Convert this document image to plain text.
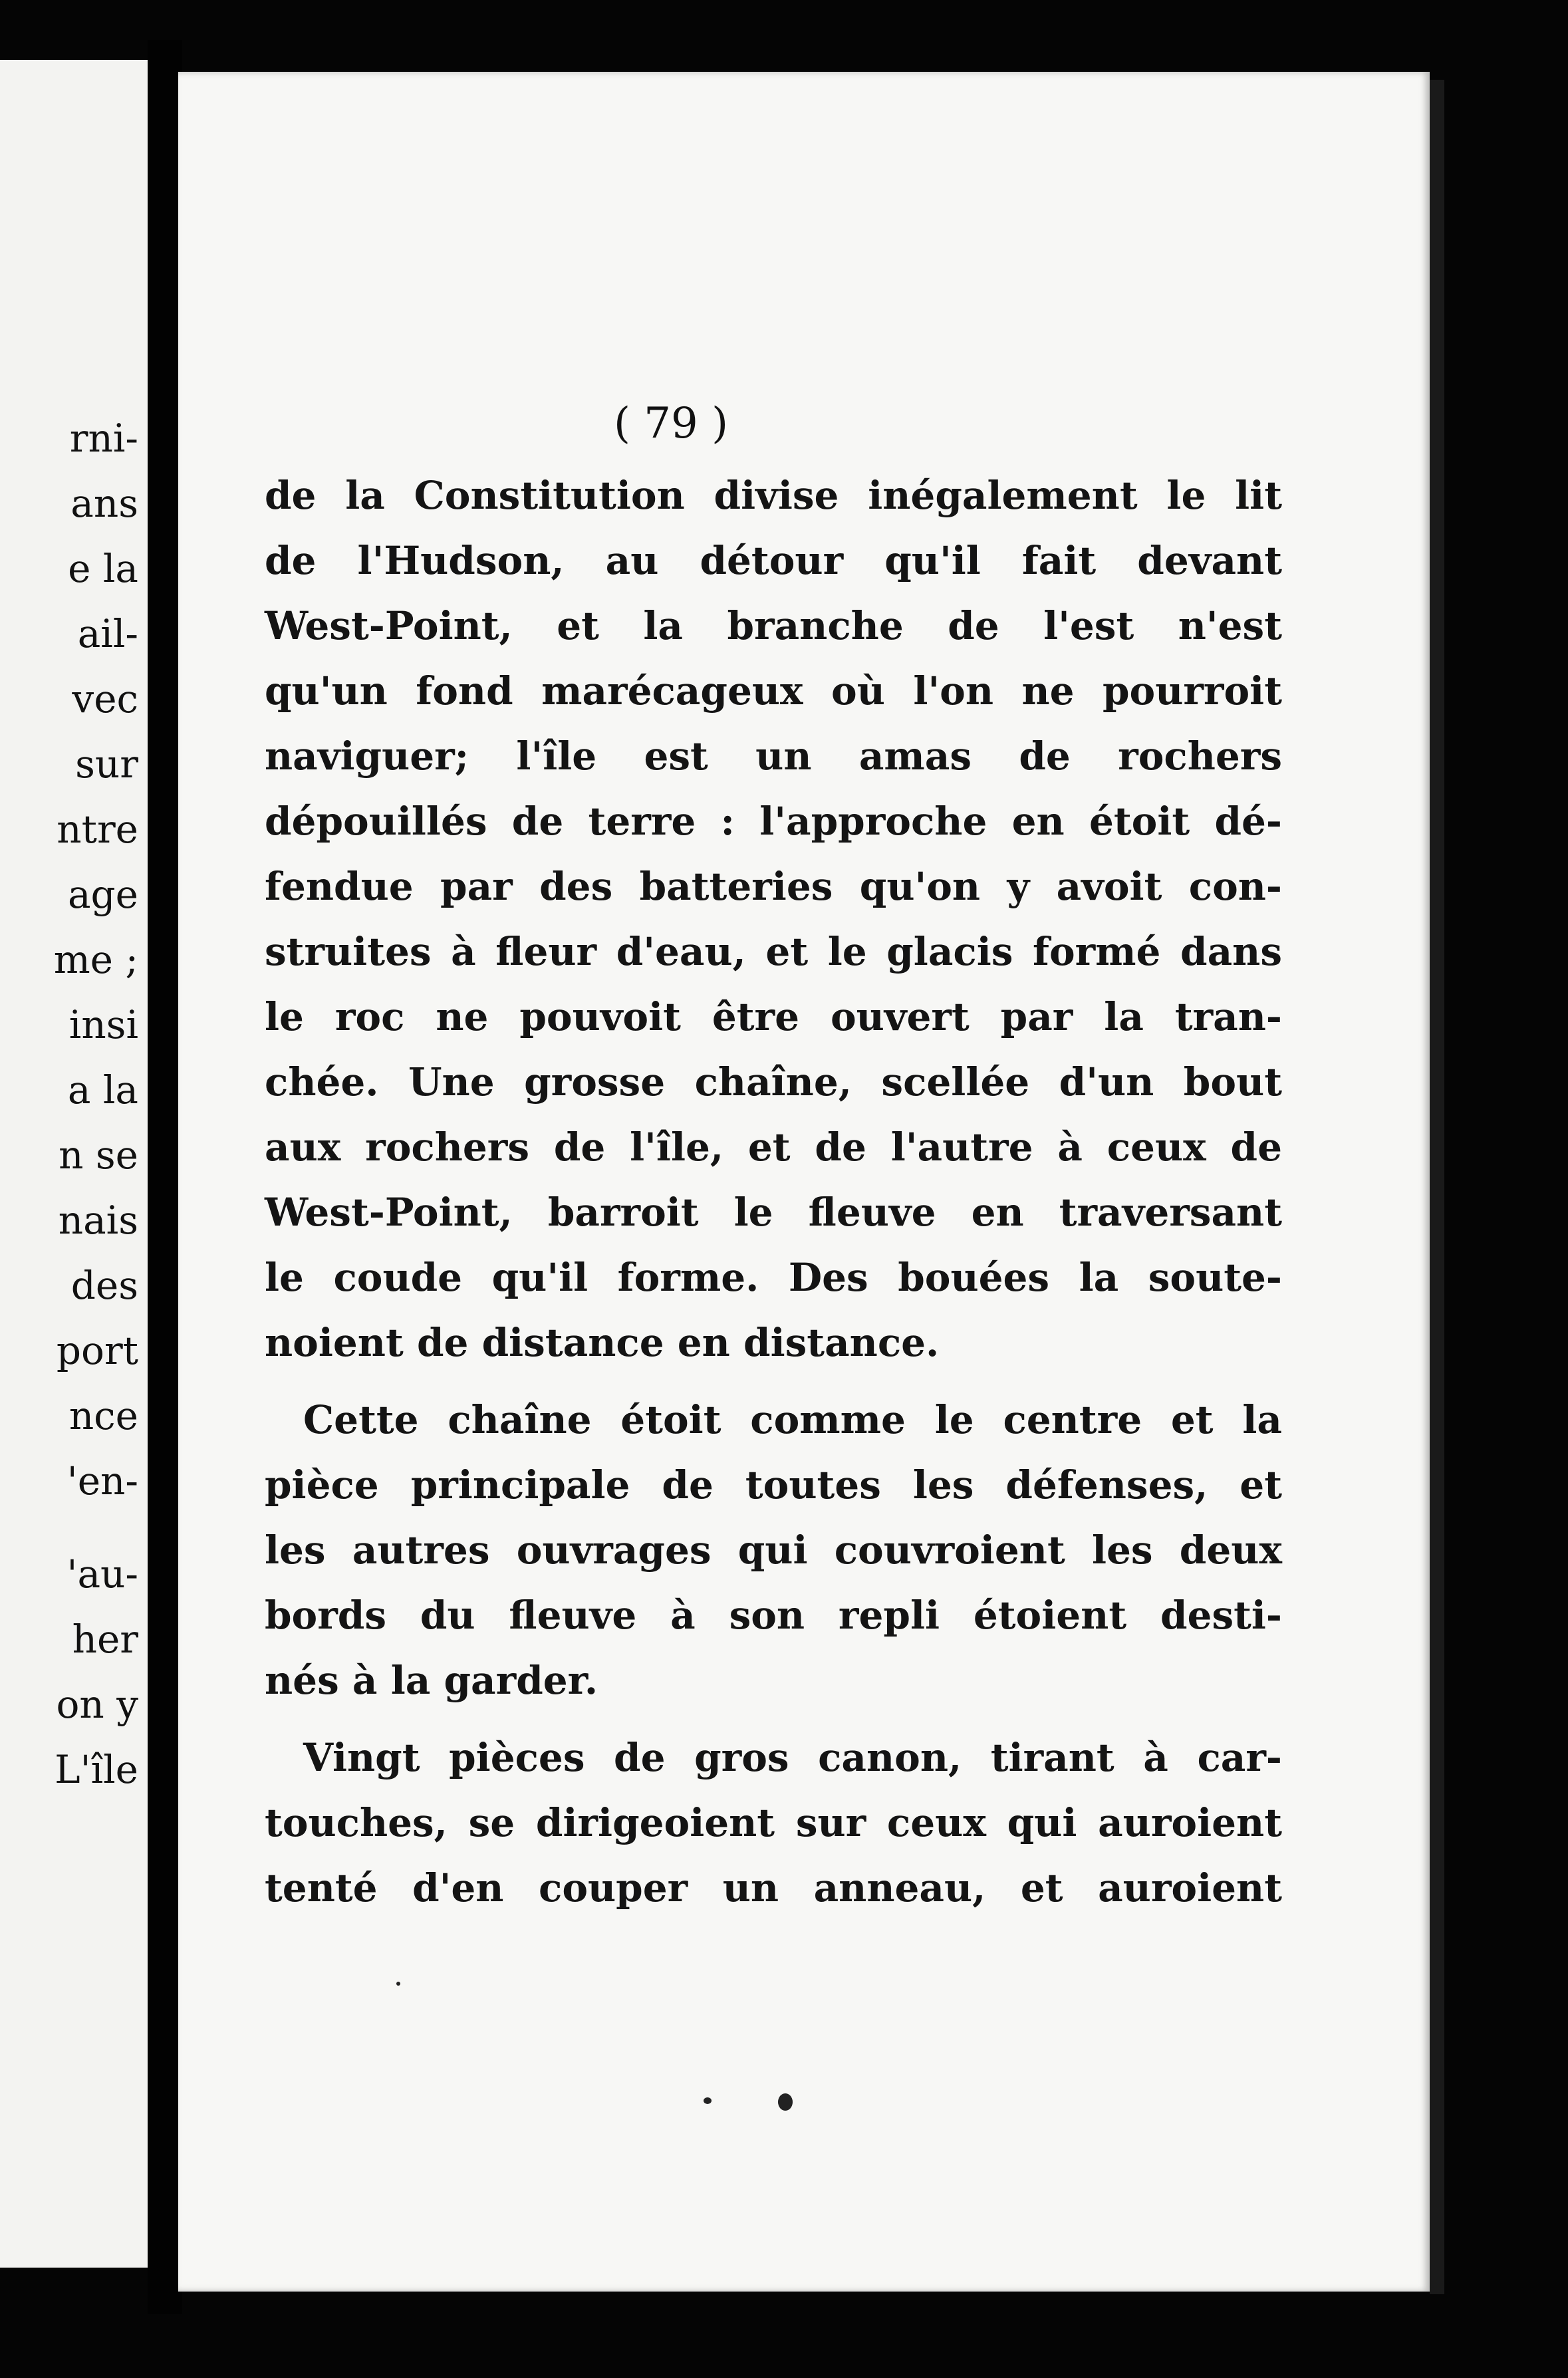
rni-
ans
e la
ail-
vec
sur
ntre
age
me ;
insi
a la
n se
nais
des
port
nce
'en-
'au-
her
on y
L'île
( 79 )
de la Constitution divise inégalement le lit
de l'Hudson, au détour qu'il fait devant
West-Point, et la branche de l'est n'est
qu'un fond marécageux où l'on ne pourroit
naviguer; l'île est un amas de rochers
dépouillés de terre : l'approche en étoit dé-
fendue par des batteries qu'on y avoit con-
struites à fleur d'eau, et le glacis formé dans
le roc ne pouvoit être ouvert par la tran-
chée. Une grosse chaîne, scellée d'un bout
aux rochers de l'île, et de l'autre à ceux de
West-Point, barroit le fleuve en traversant
le coude qu'il forme. Des bouées la soute-
noient de distance en distance.
Cette chaîne étoit comme le centre et la
pièce principale de toutes les défenses, et
les autres ouvrages qui couvroient les deux
bords du fleuve à son repli étoient desti-
nés à la garder.
Vingt pièces de gros canon, tirant à car-
touches, se dirigeoient sur ceux qui auroient
tenté d'en couper un anneau, et auroient
